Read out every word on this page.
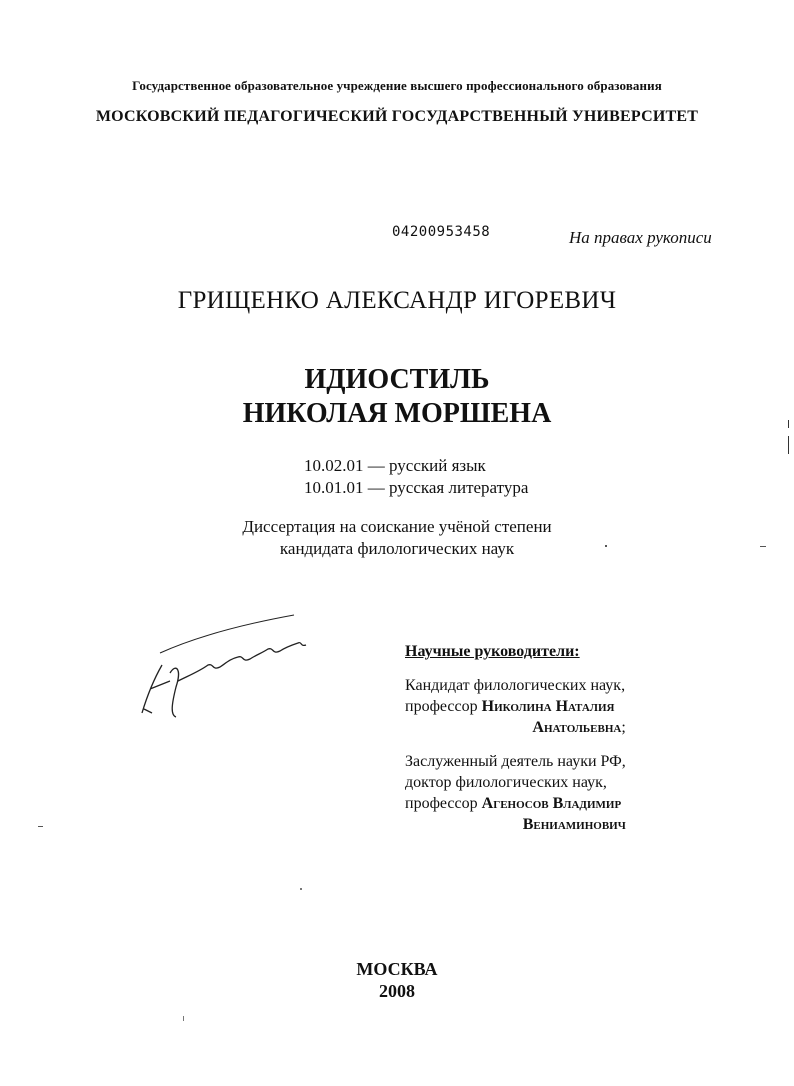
Государственное образовательное учреждение высшего профессионального образования
МОСКОВСКИЙ ПЕДАГОГИЧЕСКИЙ ГОСУДАРСТВЕННЫЙ УНИВЕРСИТЕТ
04200953458	На правах рукописи
ГРИЩЕНКО АЛЕКСАНДР ИГОРЕВИЧ
ИДИОСТИЛЬ
НИКОЛАЯ МОРШЕНА
10.02.01 — русский язык
10.01.01 — русская литература
Диссертация на соискание учёной степени
кандидата филологических наук
Научные руководители:
Кандидат филологических наук,
профессор Николина Наталия
Анатольевна;
Заслуженный деятель науки РФ,
доктор филологических наук,
профессор Агеносов Владимир
Вениаминович
МОСКВА
2008
